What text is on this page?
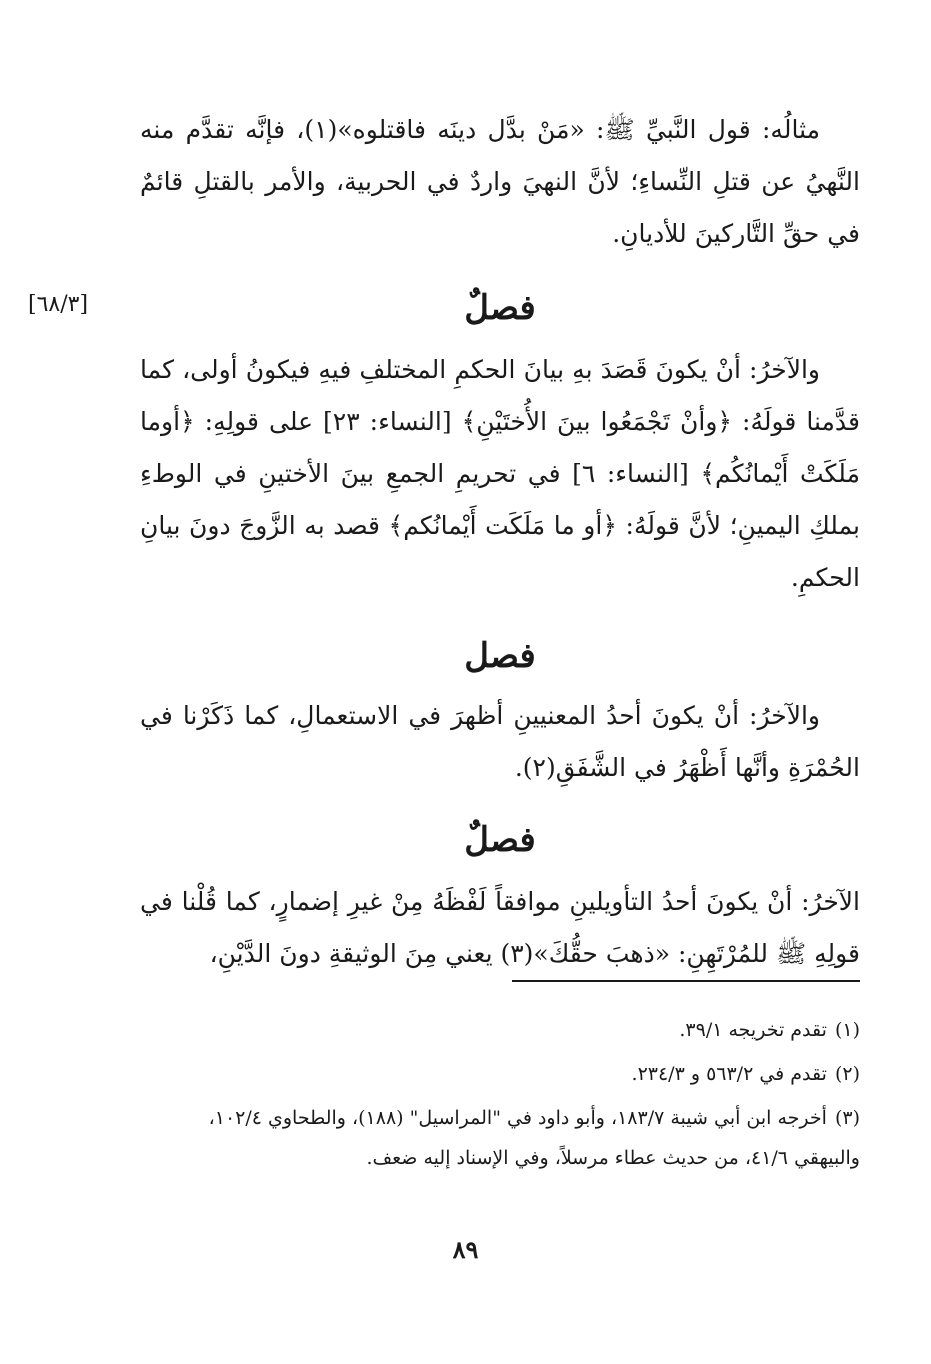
[٦٨/٣]

مثالُه: قول النَّبيِّ ﷺ: «مَنْ بدَّل دينَه فاقتلوه»(١)، فإنَّه تقدَّم منه النَّهيُ عن قتلِ النِّساءِ؛ لأنَّ النهيَ واردٌ في الحربية، والأمر بالقتلِ قائمٌ في حقِّ التَّاركينَ للأديانِ.

فصلٌ

والآخرُ: أنْ يكونَ قَصَدَ بهِ بيانَ الحكمِ المختلفِ فيهِ فيكونُ أولى، كما قدَّمنا قولَهُ: ﴿وأنْ تَجْمَعُوا بينَ الأُختَيْنِ﴾ [النساء: ٢٣] على قولِهِ: ﴿أوما مَلَكَتْ أَيْمانُكُم﴾ [النساء: ٦] في تحريمِ الجمعِ بينَ الأختينِ في الوطءِ بملكِ اليمينِ؛ لأنَّ قولَهُ: ﴿أو ما مَلَكَت أَيْمانُكم﴾ قصد به الزَّوجَ دونَ بيانِ الحكمِ.

فصل

والآخرُ: أنْ يكونَ أحدُ المعنيينِ أظهرَ في الاستعمالِ، كما ذَكَرْنا في الحُمْرَةِ وأنَّها أَظْهَرُ في الشَّفَقِ(٢).

فصلٌ

الآخرُ: أنْ يكونَ أحدُ التأويلينِ موافقاً لَفْظَهُ مِنْ غيرِ إضمارٍ، كما قُلْنا في قولِهِ ﷺ للمُرْتَهِنِ: «ذهبَ حقُّكَ»(٣) يعني مِنَ الوثيقةِ دونَ الدَّيْنِ،

(١)تقدم تخريجه ٣٩/١.

(٢)تقدم في ٥٦٣/٢ و ٢٣٤/٣.

(٣)أخرجه ابن أبي شيبة ١٨٣/٧، وأبو داود في "المراسيل" (١٨٨)، والطحاوي ١٠٢/٤، والبيهقي ٤١/٦، من حديث عطاء مرسلاً، وفي الإسناد إليه ضعف.

٨٩
